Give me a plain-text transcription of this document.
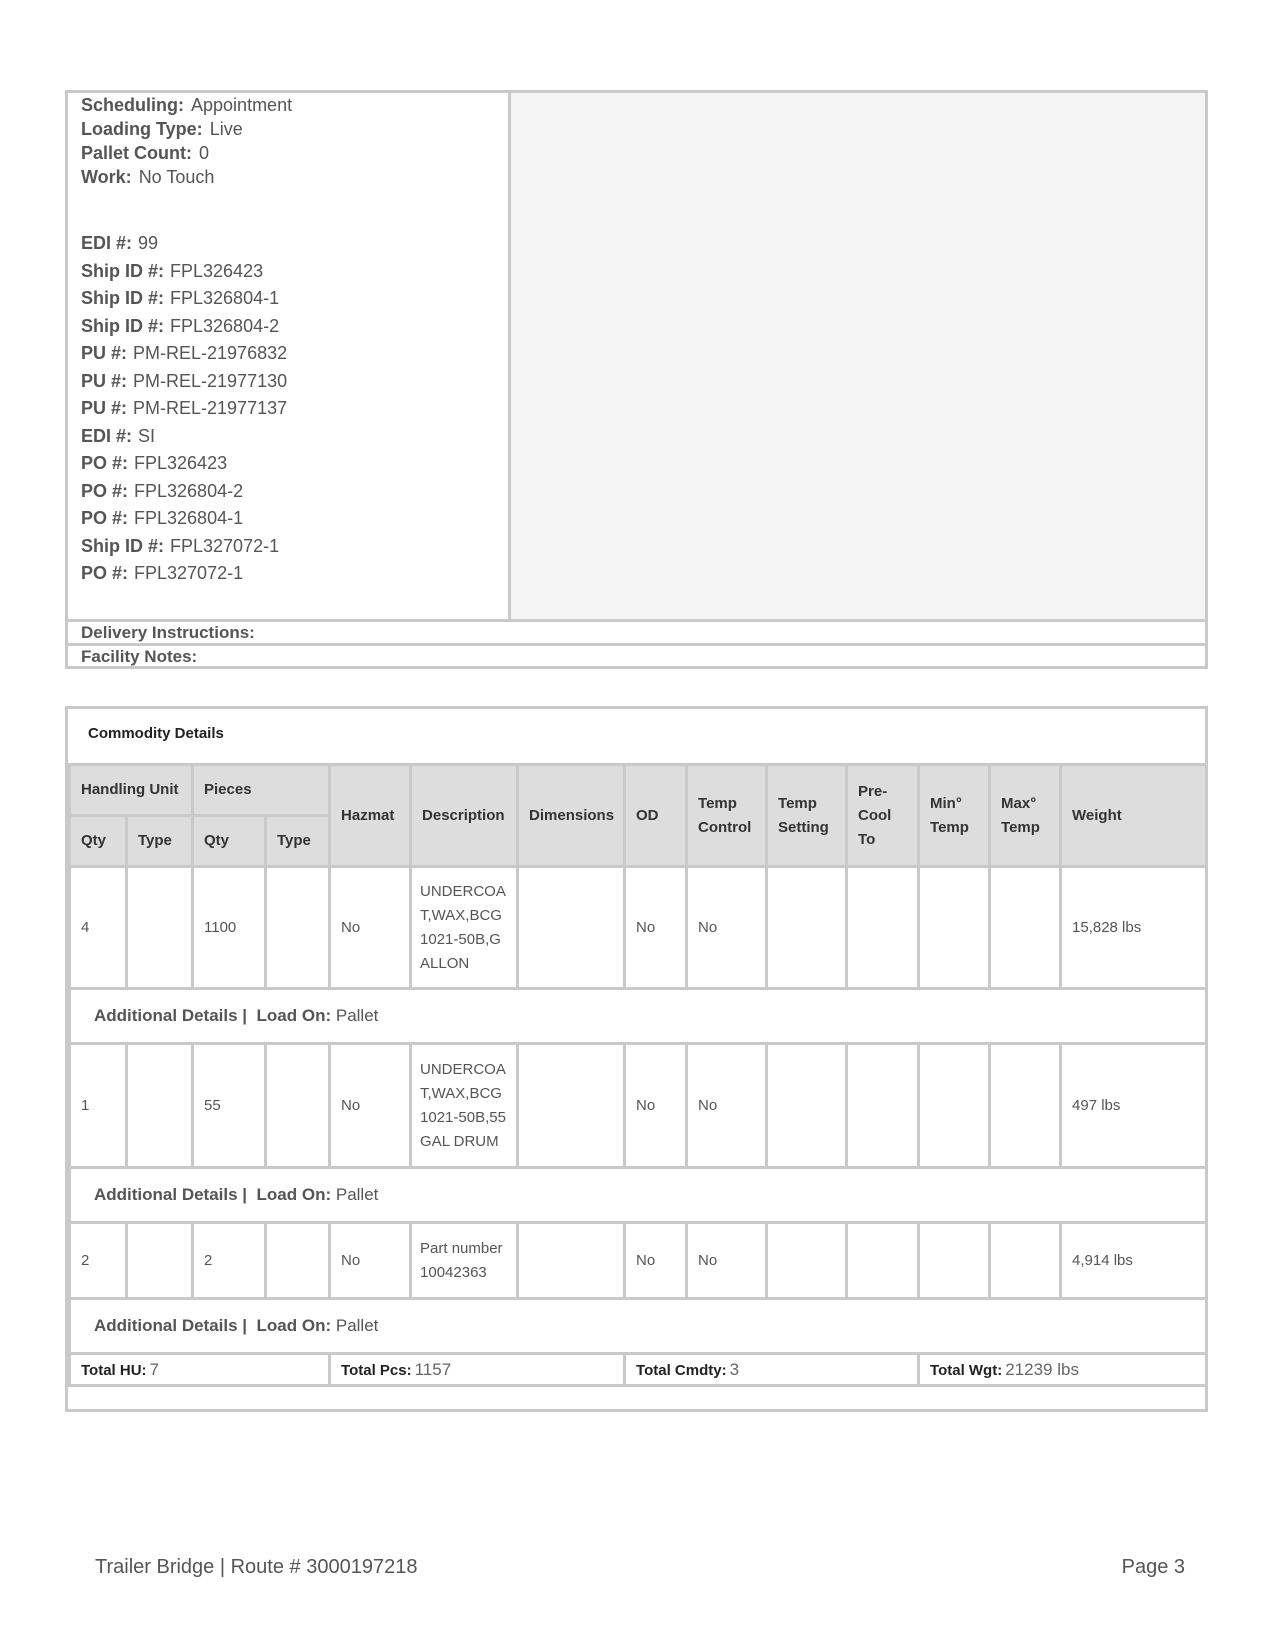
Scheduling: Appointment
Loading Type: Live
Pallet Count: 0
Work: No Touch
EDI #: 99
Ship ID #: FPL326423
Ship ID #: FPL326804-1
Ship ID #: FPL326804-2
PU #: PM-REL-21976832
PU #: PM-REL-21977130
PU #: PM-REL-21977137
EDI #: SI
PO #: FPL326423
PO #: FPL326804-2
PO #: FPL326804-1
Ship ID #: FPL327072-1
PO #: FPL327072-1
Delivery Instructions:
Facility Notes:
Commodity Details
Handling Unit		Pieces		Hazmat	Description	Dimensions	OD	Temp Control	Temp Setting	Pre-Cool To	Min° Temp	Max° Temp	Weight
Qty	Type	Qty	Type										
4		1100		No	UNDERCOAT,WAX,BCG 1021-50B,GALLON		No	No					15,828 lbs
Additional Details | Load On: Pallet													
1		55		No	UNDERCOAT,WAX,BCG 1021-50B,55GAL DRUM		No	No					497 lbs
Additional Details | Load On: Pallet													
2		2		No	Part number 10042363		No	No					4,914 lbs
Additional Details | Load On: Pallet													
Total HU: 7				Total Pcs: 1157			Total Cmdty: 3				Total Wgt: 21239 lbs		
Trailer Bridge | Route # 3000197218	Page 3
